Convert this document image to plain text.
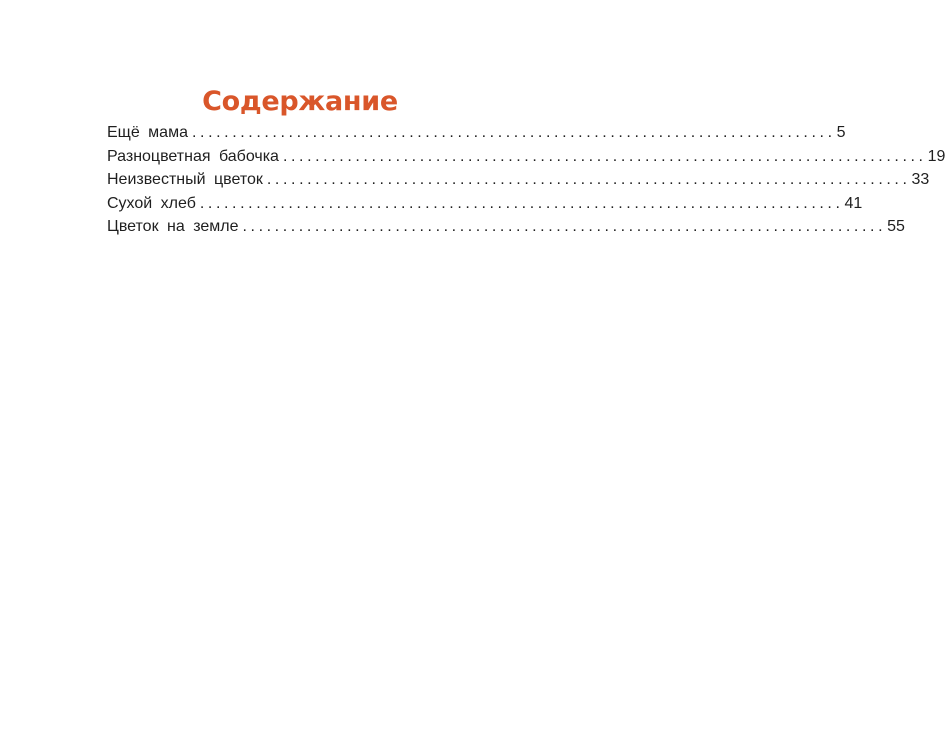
Содержание
Ещё мама ................................................................................ 5
Разноцветная бабочка ................................................................................ 19
Неизвестный цветок ................................................................................ 33
Сухой хлеб ................................................................................ 41
Цветок на земле ................................................................................ 55
